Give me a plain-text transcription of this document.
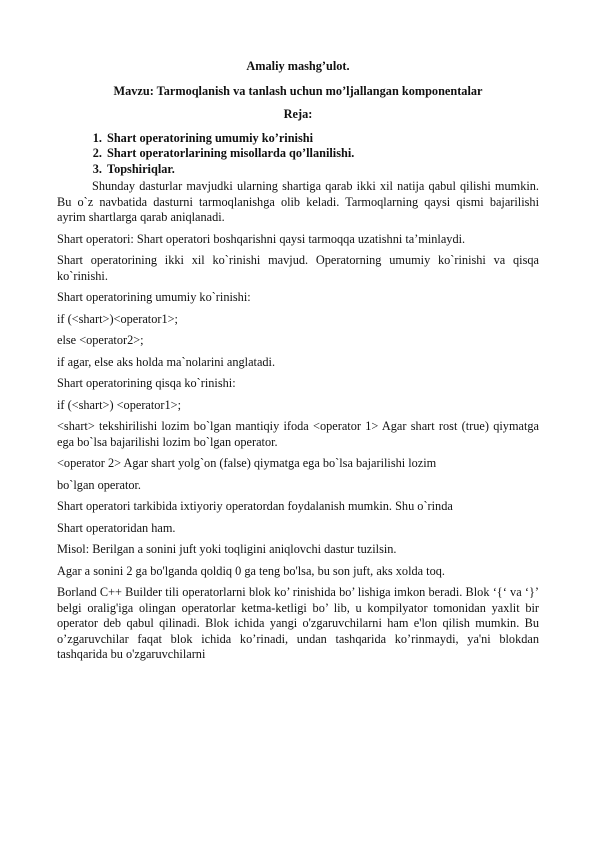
Amaliy mashg’ulot.
Mavzu: Tarmoqlanish va tanlash uchun mo’ljallangan komponentalar
Reja:
1. Shart operatorining umumiy ko’rinishi
2. Shart operatorlarining misollarda qo’llanilishi.
3. Topshiriqlar.

Shunday dasturlar mavjudki ularning shartiga qarab ikki xil natija qabul qilishi mumkin. Bu o`z navbatida dasturni tarmoqlanishga olib keladi. Tarmoqlarning qaysi qismi bajarilishi ayrim shartlarga qarab aniqlanadi.

Shart operatori: Shart operatori boshqarishni qaysi tarmoqqa uzatishni ta’minlaydi.

Shart operatorining ikki xil ko`rinishi mavjud. Operatorning umumiy ko`rinishi va qisqa ko`rinishi.

Shart operatorining umumiy ko`rinishi:

if (<shart>)<operator1>;

else <operator2>;

if agar, else aks holda ma`nolarini anglatadi.

Shart operatorining qisqa ko`rinishi:

if (<shart>) <operator1>;

<shart> tekshirilishi lozim bo`lgan mantiqiy ifoda <operator 1> Agar shart rost (true) qiymatga ega bo`lsa bajarilishi lozim bo`lgan operator.

<operator 2> Agar shart yolg`on (false) qiymatga ega bo`lsa bajarilishi lozim

bo`lgan operator.

Shart operatori tarkibida ixtiyoriy operatordan foydalanish mumkin. Shu o`rinda

Shart operatoridan ham.

Misol: Berilgan a sonini juft yoki toqligini aniqlovchi dastur tuzilsin.

Agar a sonini 2 ga bo'lganda qoldiq 0 ga teng bo'lsa, bu son juft, aks xolda toq.

Borland C++ Builder tili operatorlarni blok ko’ rinishida bo’ lishiga imkon beradi. Blok ‘{‘ va ‘}’ belgi oralig'iga olingan operatorlar ketma-ketligi bo’ lib, u kompilyator tomonidan yaxlit bir operator deb qabul qilinadi. Blok ichida yangi o'zgaruvchilarni ham e'lon qilish mumkin. Bu o’zgaruvchilar faqat blok ichida ko’rinadi, undan tashqarida ko’rinmaydi, ya'ni blokdan tashqarida bu o'zgaruvchilarni
